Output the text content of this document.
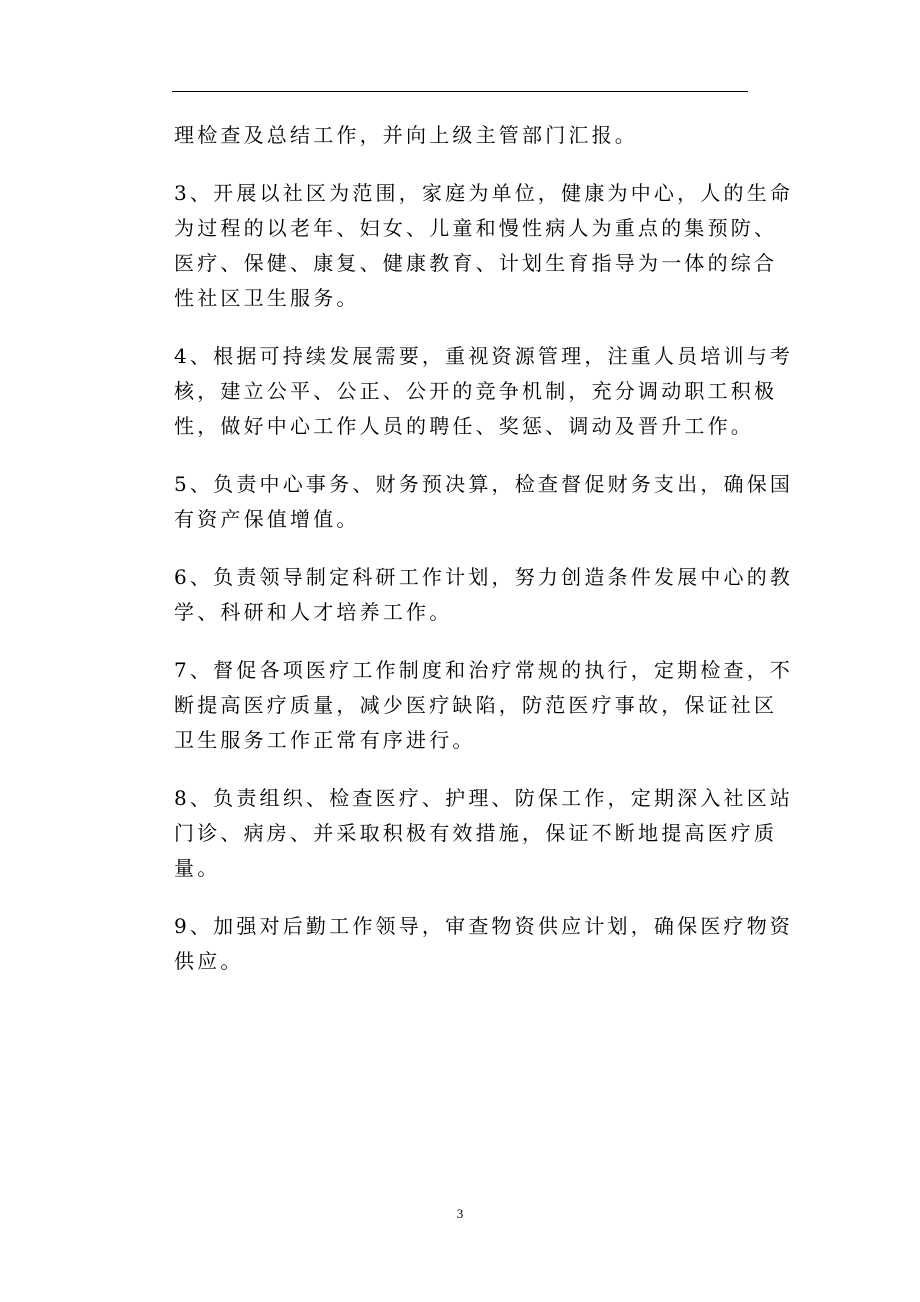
理检查及总结工作，并向上级主管部门汇报。
3、开展以社区为范围，家庭为单位，健康为中心，人的生命
为过程的以老年、妇女、儿童和慢性病人为重点的集预防、
医疗、保健、康复、健康教育、计划生育指导为一体的综合
性社区卫生服务。
4、根据可持续发展需要，重视资源管理，注重人员培训与考
核，建立公平、公正、公开的竞争机制，充分调动职工积极
性，做好中心工作人员的聘任、奖惩、调动及晋升工作。
5、负责中心事务、财务预决算，检查督促财务支出，确保国
有资产保值增值。
6、负责领导制定科研工作计划，努力创造条件发展中心的教
学、科研和人才培养工作。
7、督促各项医疗工作制度和治疗常规的执行，定期检查，不
断提高医疗质量，减少医疗缺陷，防范医疗事故，保证社区
卫生服务工作正常有序进行。
8、负责组织、检查医疗、护理、防保工作，定期深入社区站
门诊、病房、并采取积极有效措施，保证不断地提高医疗质
量。
9、加强对后勤工作领导，审查物资供应计划，确保医疗物资
供应。
3
